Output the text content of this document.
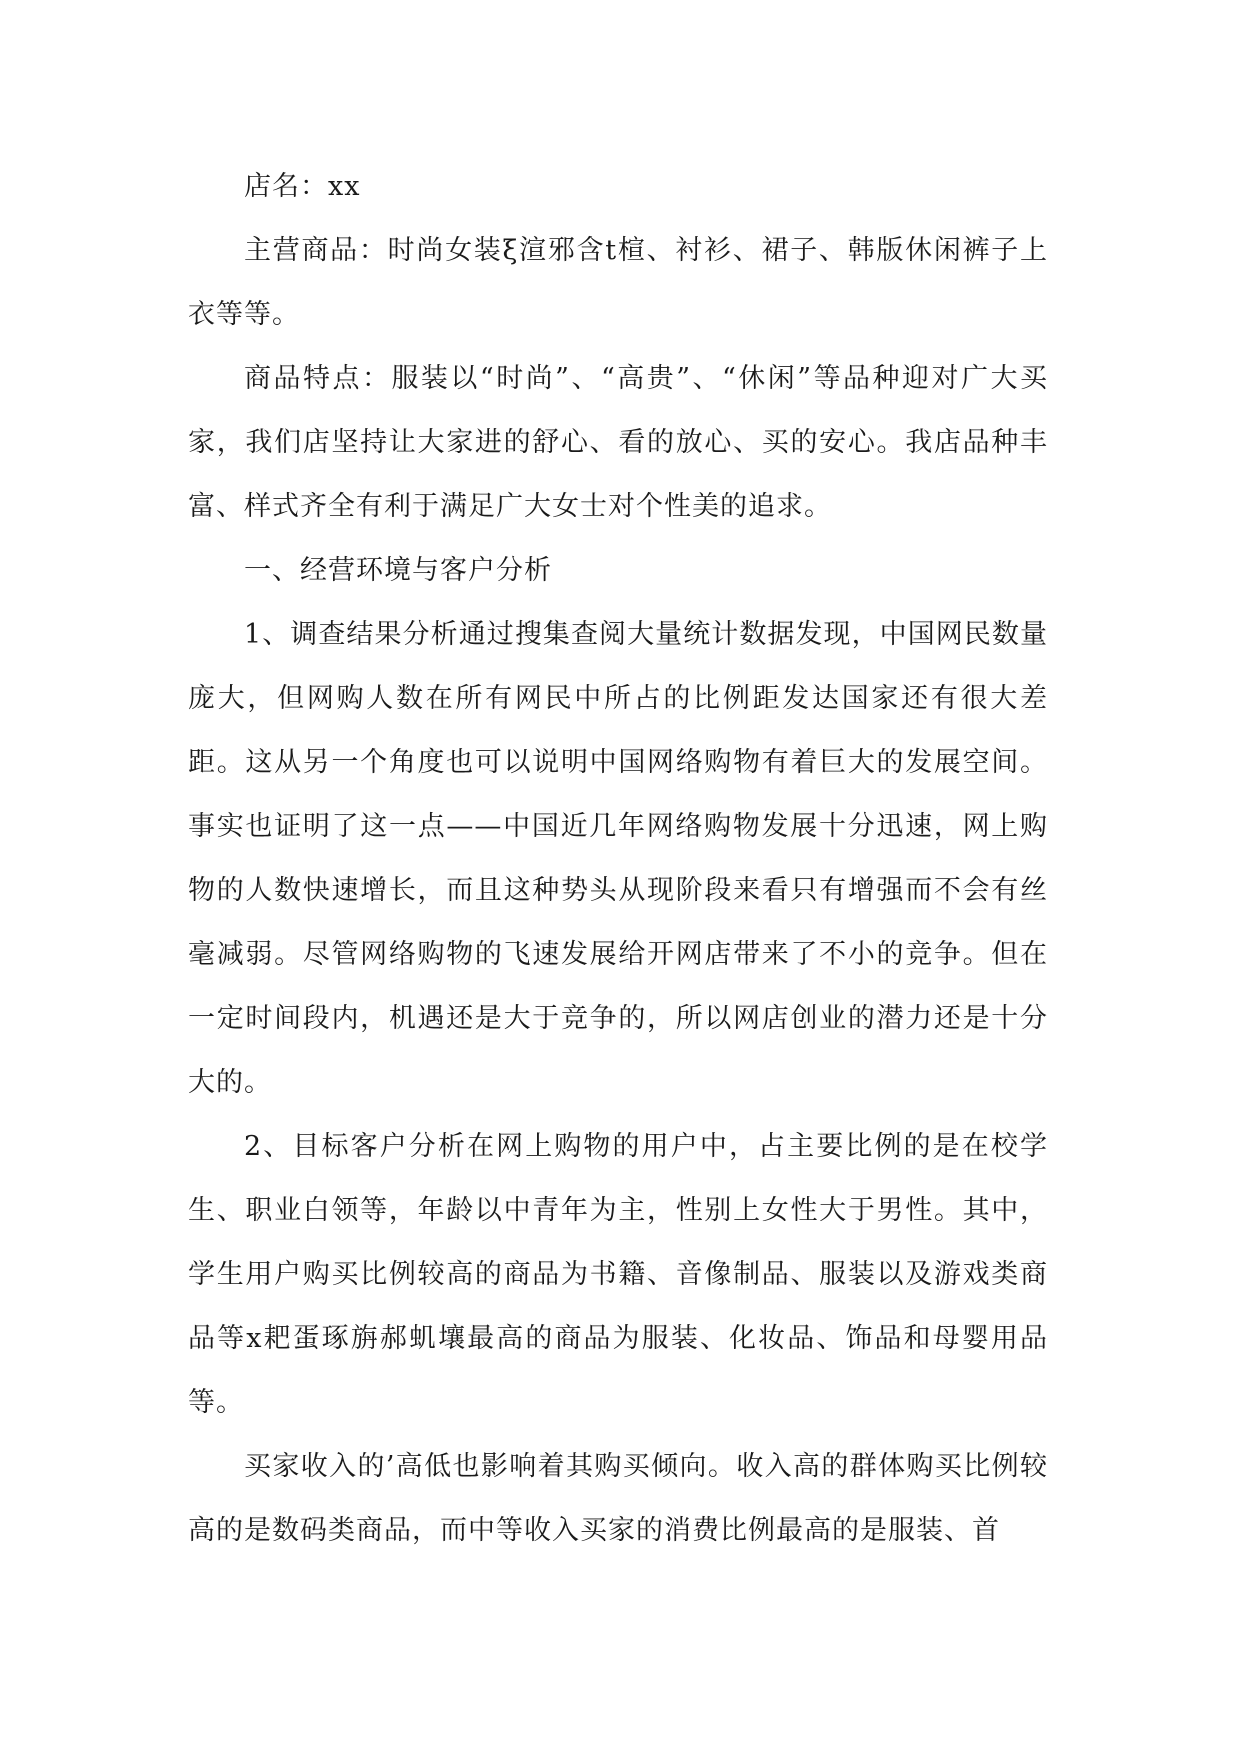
店名：xx

主营商品：时尚女装ξ渲邪含t楦、衬衫、裙子、韩版休闲裤子上衣等等。

商品特点：服装以“时尚”、“高贵”、“休闲”等品种迎对广大买家，我们店坚持让大家进的舒心、看的放心、买的安心。我店品种丰富、样式齐全有利于满足广大女士对个性美的追求。

一、经营环境与客户分析

1、调查结果分析通过搜集查阅大量统计数据发现，中国网民数量庞大，但网购人数在所有网民中所占的比例距发达国家还有很大差距。这从另一个角度也可以说明中国网络购物有着巨大的发展空间。事实也证明了这一点——中国近几年网络购物发展十分迅速，网上购物的人数快速增长，而且这种势头从现阶段来看只有增强而不会有丝毫减弱。尽管网络购物的飞速发展给开网店带来了不小的竞争。但在一定时间段内，机遇还是大于竞争的，所以网店创业的潜力还是十分大的。

2、目标客户分析在网上购物的用户中，占主要比例的是在校学生、职业白领等，年龄以中青年为主，性别上女性大于男性。其中，学生用户购买比例较高的商品为书籍、音像制品、服装以及游戏类商品等x耙蛋琢旃郝虮壤最高的商品为服装、化妆品、饰品和母婴用品等。

买家收入的’高低也影响着其购买倾向。收入高的群体购买比例较高的是数码类商品，而中等收入买家的消费比例最高的是服装、首
